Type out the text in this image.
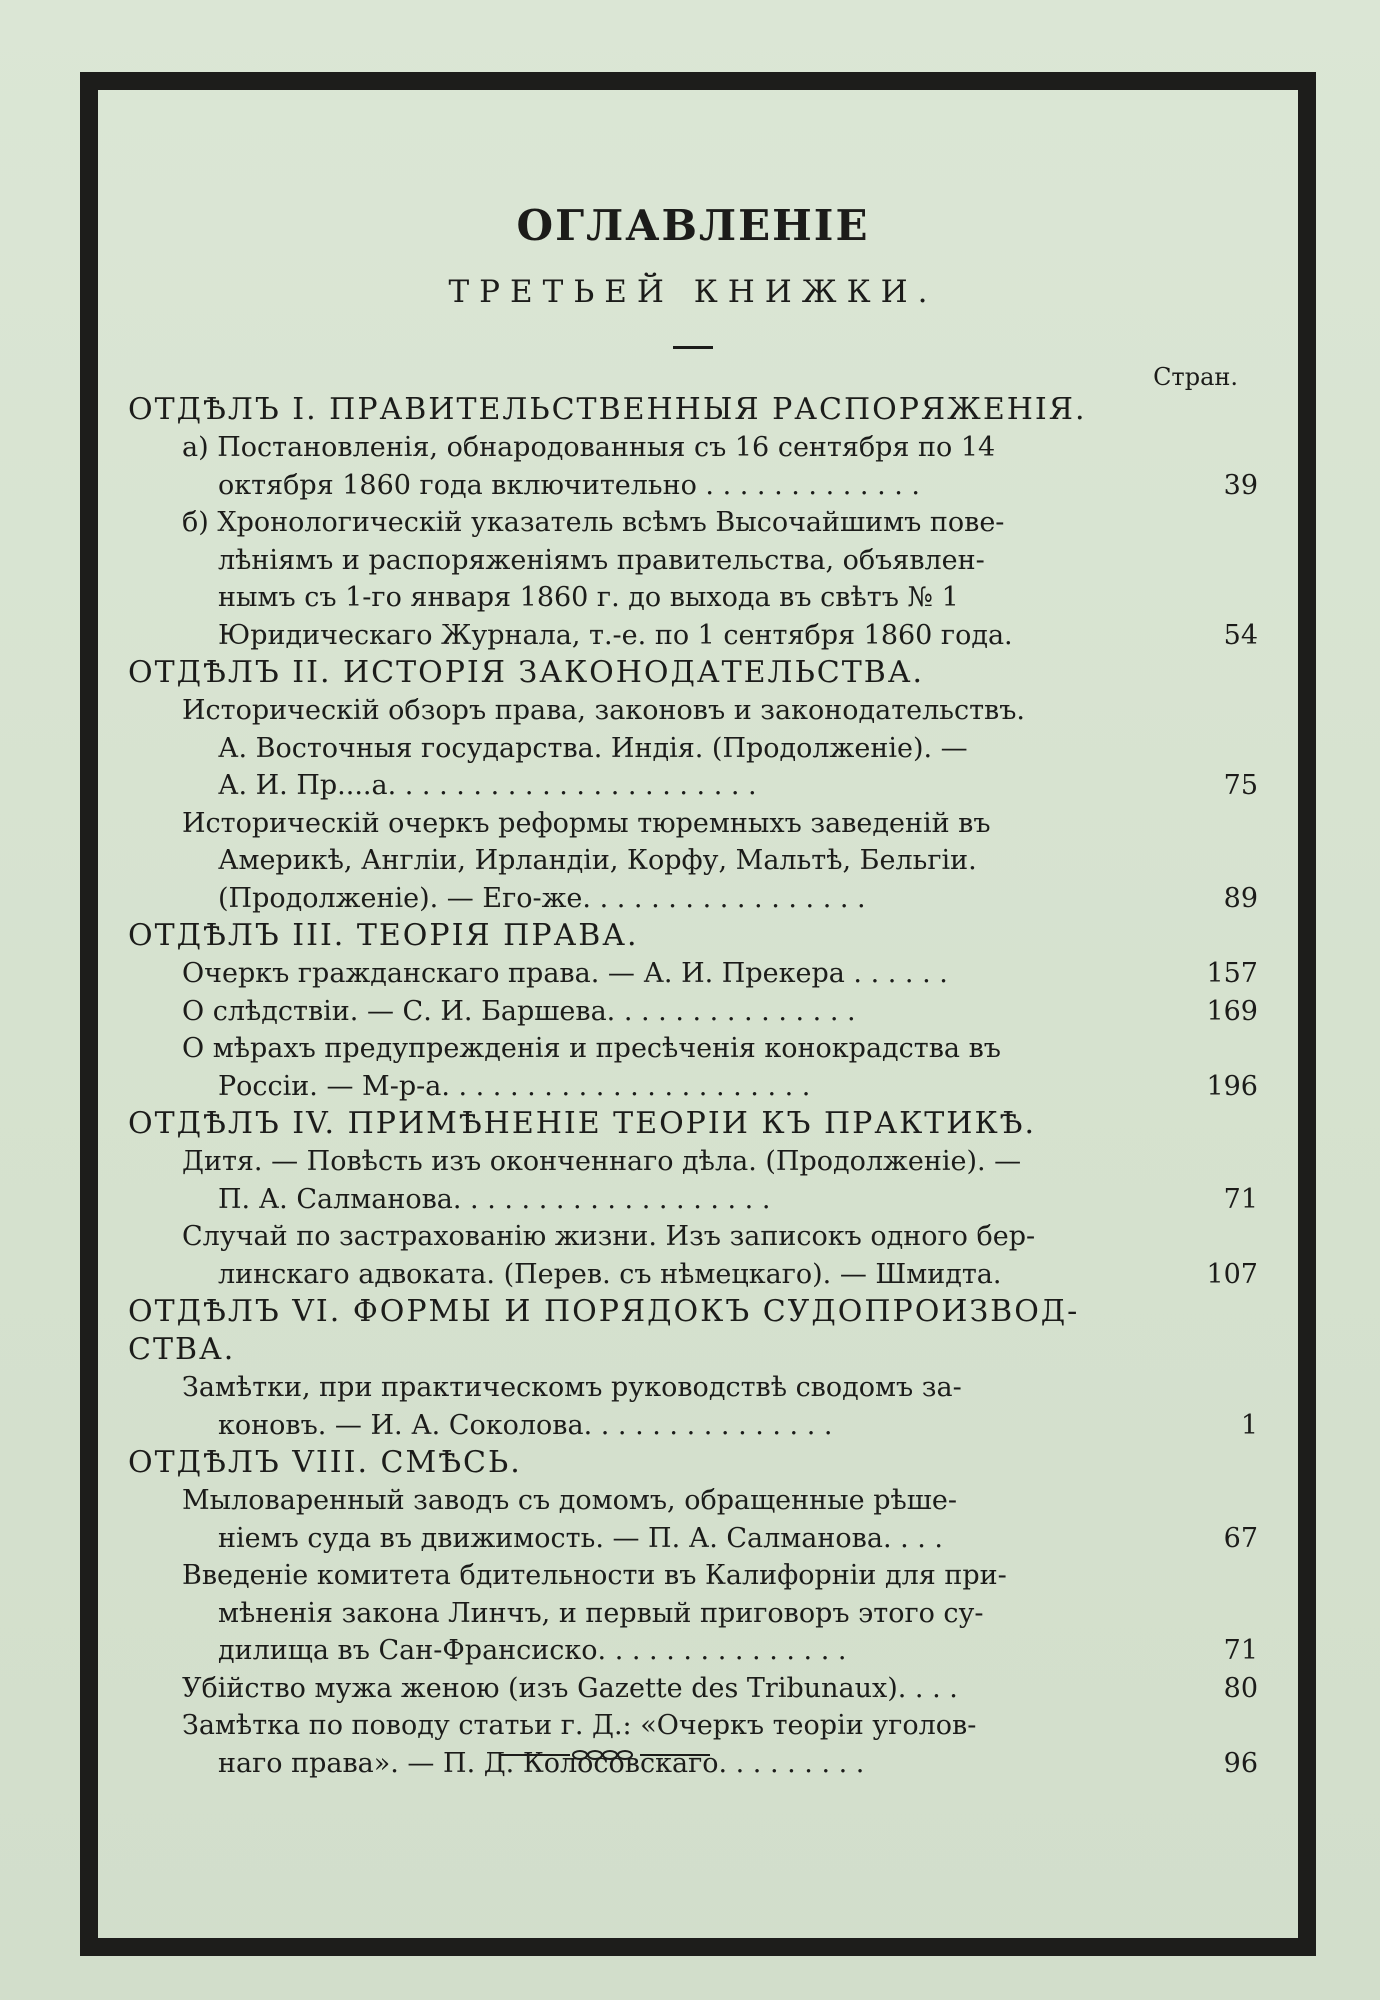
ОГЛАВЛЕНІЕ
ТРЕТЬЕЙ КНИЖКИ.
Стран.
ОТДѢЛЪ I. ПРАВИТЕЛЬСТВЕННЫЯ РАСПОРЯЖЕНІЯ.
а) Постановленія, обнародованныя съ 16 сентября по 14
октября 1860 года включительно . . . . . . . . . . . . .	39
б) Хронологическій указатель всѣмъ Высочайшимъ пове-
лѣніямъ и распоряженіямъ правительства, объявлен-
нымъ съ 1-го января 1860 г. до выхода въ свѣтъ № 1
Юридическаго Журнала, т.-е. по 1 сентября 1860 года.	54
ОТДѢЛЪ II. ИСТОРІЯ ЗАКОНОДАТЕЛЬСТВА.
Историческій обзоръ права, законовъ и законодательствъ.
А. Восточныя государства. Индія. (Продолженіе). —
А. И. Пр....а. . . . . . . . . . . . . . . . . . . . . .	75
Историческій очеркъ реформы тюремныхъ заведеній въ
Америкѣ, Англіи, Ирландіи, Корфу, Мальтѣ, Бельгіи.
(Продолженіе). — Его-же. . . . . . . . . . . . . . . . .	89
ОТДѢЛЪ III. ТЕОРІЯ ПРАВА.
Очеркъ гражданскаго права. — А. И. Прекера . . . . . .	157
О слѣдствіи. — С. И. Баршева. . . . . . . . . . . . . . .	169
О мѣрахъ предупрежденія и пресѣченія конокрадства въ
Россіи. — М-р-а. . . . . . . . . . . . . . . . . . . . . .	196
ОТДѢЛЪ IV. ПРИМѢНЕНІЕ ТЕОРІИ КЪ ПРАКТИКѢ.
Дитя. — Повѣсть изъ оконченнаго дѣла. (Продолженіе). —
П. А. Салманова. . . . . . . . . . . . . . . . . . .	71
Случай по застрахованію жизни. Изъ записокъ одного бер-
линскаго адвоката. (Перев. съ нѣмецкаго). — Шмидта.	107
ОТДѢЛЪ VI. ФОРМЫ И ПОРЯДОКЪ СУДОПРОИЗВОД-
СТВА.
Замѣтки, при практическомъ руководствѣ сводомъ за-
коновъ. — И. А. Соколова. . . . . . . . . . . . . . .	1
ОТДѢЛЪ VIII. СМѢСЬ.
Мыловаренный заводъ съ домомъ, обращенные рѣше-
ніемъ суда въ движимость. — П. А. Салманова. . . .	67
Введеніе комитета бдительности въ Калифорніи для при-
мѣненія закона Линчъ, и первый приговоръ этого су-
дилища въ Сан-Франсиско. . . . . . . . . . . . . . .	71
Убійство мужа женою (изъ Gazette des Tribunaux). . . .	80
Замѣтка по поводу статьи г. Д.: «Очеркъ теоріи уголов-
наго права». — П. Д. Колосовскаго. . . . . . . . .	96
